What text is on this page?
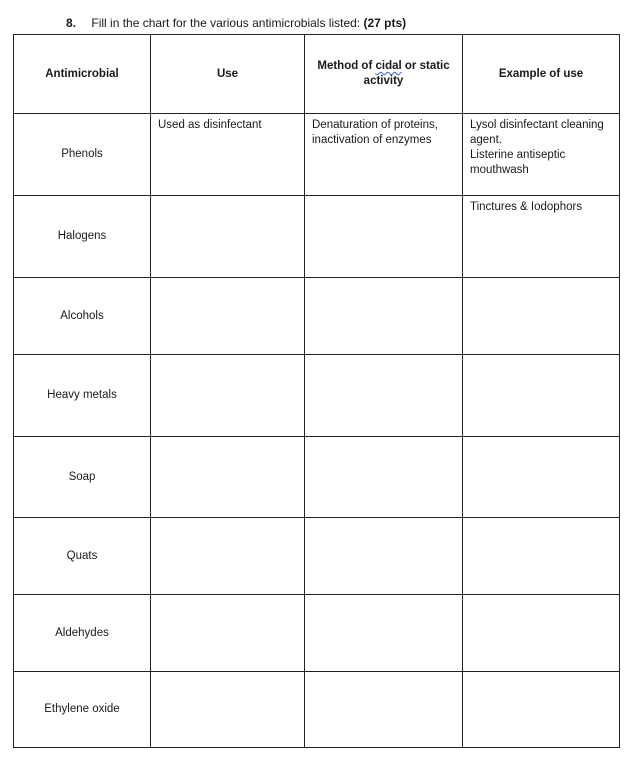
8. Fill in the chart for the various antimicrobials listed: (27 pts)
Antimicrobial	Use	Method of cidal or static activity	Example of use
Phenols	Used as disinfectant	Denaturation of proteins, inactivation of enzymes	Lysol disinfectant cleaning agent.
Listerine antiseptic mouthwash

Halogens			Tinctures & Iodophors

Alcohols			
Heavy metals			
Soap			
Quats			
Aldehydes			
Ethylene oxide			
